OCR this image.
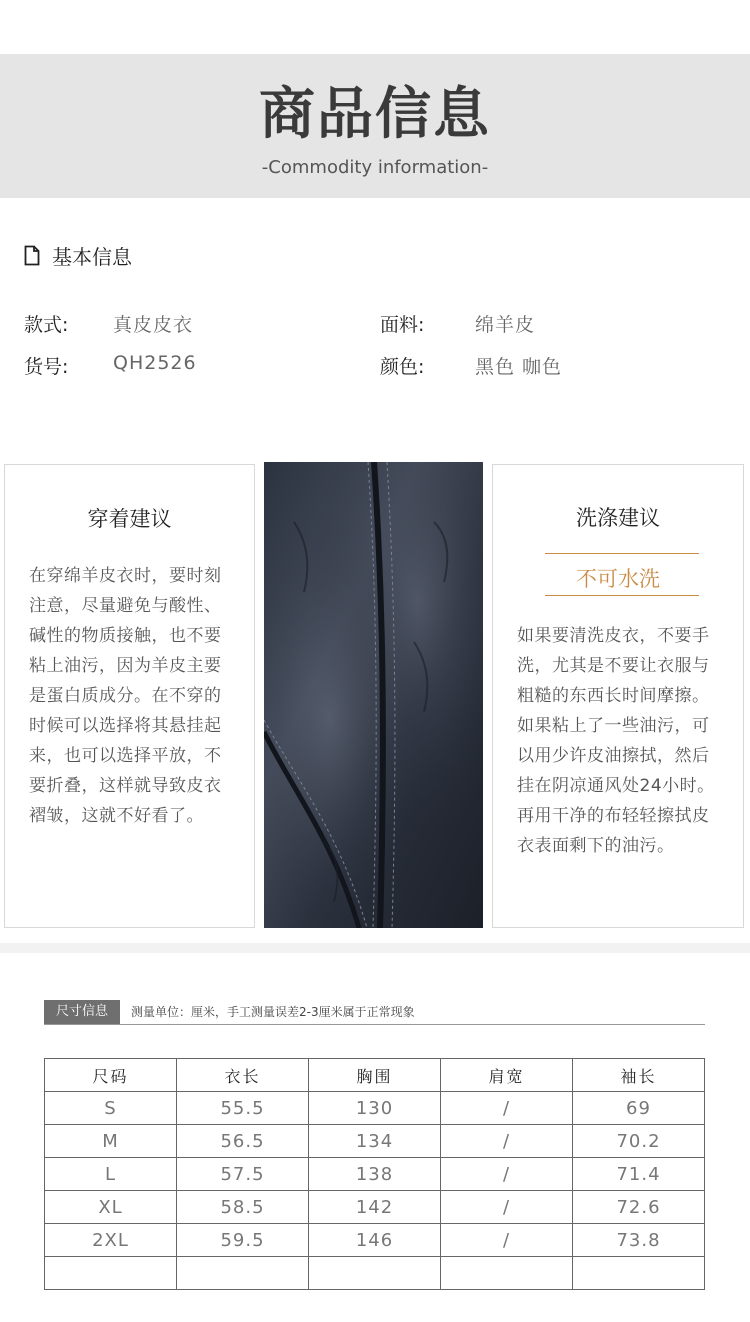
商品信息
-Commodity information-
基本信息
款式: 真皮皮衣	面料:	绵羊皮
货号: QH2526	颜色:	黑色 咖色
穿着建议
在穿绵羊皮衣时，要时刻
注意，尽量避免与酸性、
碱性的物质接触，也不要
粘上油污，因为羊皮主要
是蛋白质成分。在不穿的
时候可以选择将其悬挂起
来，也可以选择平放，不
要折叠，这样就导致皮衣
褶皱，这就不好看了。
洗涤建议
不可水洗
如果要清洗皮衣，不要手
洗，尤其是不要让衣服与
粗糙的东西长时间摩擦。
如果粘上了一些油污，可
以用少许皮油擦拭，然后
挂在阴凉通风处24小时。
再用干净的布轻轻擦拭皮
衣表面剩下的油污。
尺寸信息	测量单位：厘米，手工测量误差2-3厘米属于正常现象
尺码	衣长	胸围	肩宽	袖长
S	55.5	130	/	69
M	56.5	134	/	70.2
L	57.5	138	/	71.4
XL	58.5	142	/	72.6
2XL	59.5	146	/	73.8
